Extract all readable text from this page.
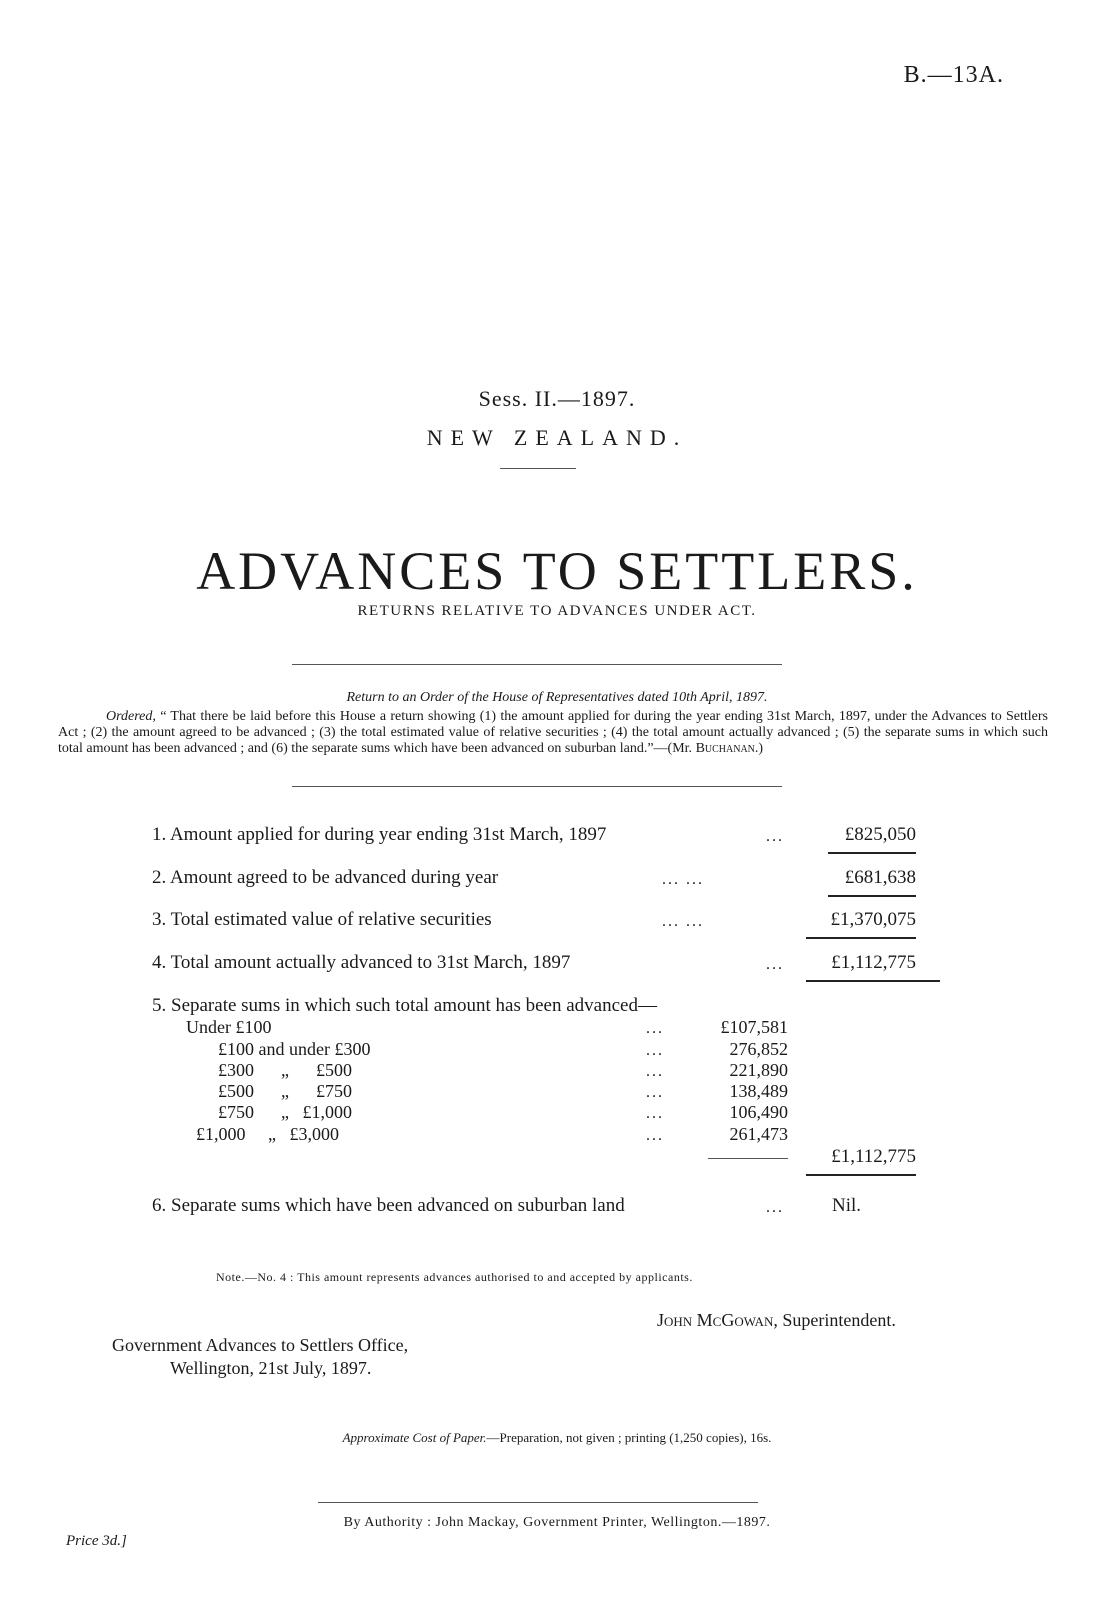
B.—13A.
Sess. II.—1897.
NEW ZEALAND.
ADVANCES TO SETTLERS.
RETURNS RELATIVE TO ADVANCES UNDER ACT.
Return to an Order of the House of Representatives dated 10th April, 1897.
Ordered, “ That there be laid before this House a return showing (1) the amount applied for during the year ending 31st March, 1897, under the Advances to Settlers Act ; (2) the amount agreed to be advanced ; (3) the total estimated value of relative securities ; (4) the total amount actually advanced ; (5) the separate sums in which such total amount has been advanced ; and (6) the separate sums which have been advanced on suburban land.”—(Mr. Buchanan.)
1. Amount applied for during year ending 31st March, 1897	...	£825,050
2. Amount agreed to be advanced during year	... ...	£681,638
3. Total estimated value of relative securities	... ...	£1,370,075
4. Total amount actually advanced to 31st March, 1897	...	£1,112,775
5. Separate sums in which such total amount has been advanced—
Under £100	...	£107,581
£100 and under £300	...	276,852
£300      „      £500	...	221,890
£500      „      £750	...	138,489
£750      „   £1,000	...	106,490
£1,000     „   £3,000	...	261,473
£1,112,775
6. Separate sums which have been advanced on suburban land	...	Nil.
Note.—No. 4 : This amount represents advances authorised to and accepted by applicants.
John McGowan, Superintendent.
Government Advances to Settlers Office,
Wellington, 21st July, 1897.
Approximate Cost of Paper.—Preparation, not given ; printing (1,250 copies), 16s.
By Authority : John Mackay, Government Printer, Wellington.—1897.
Price 3d.]
